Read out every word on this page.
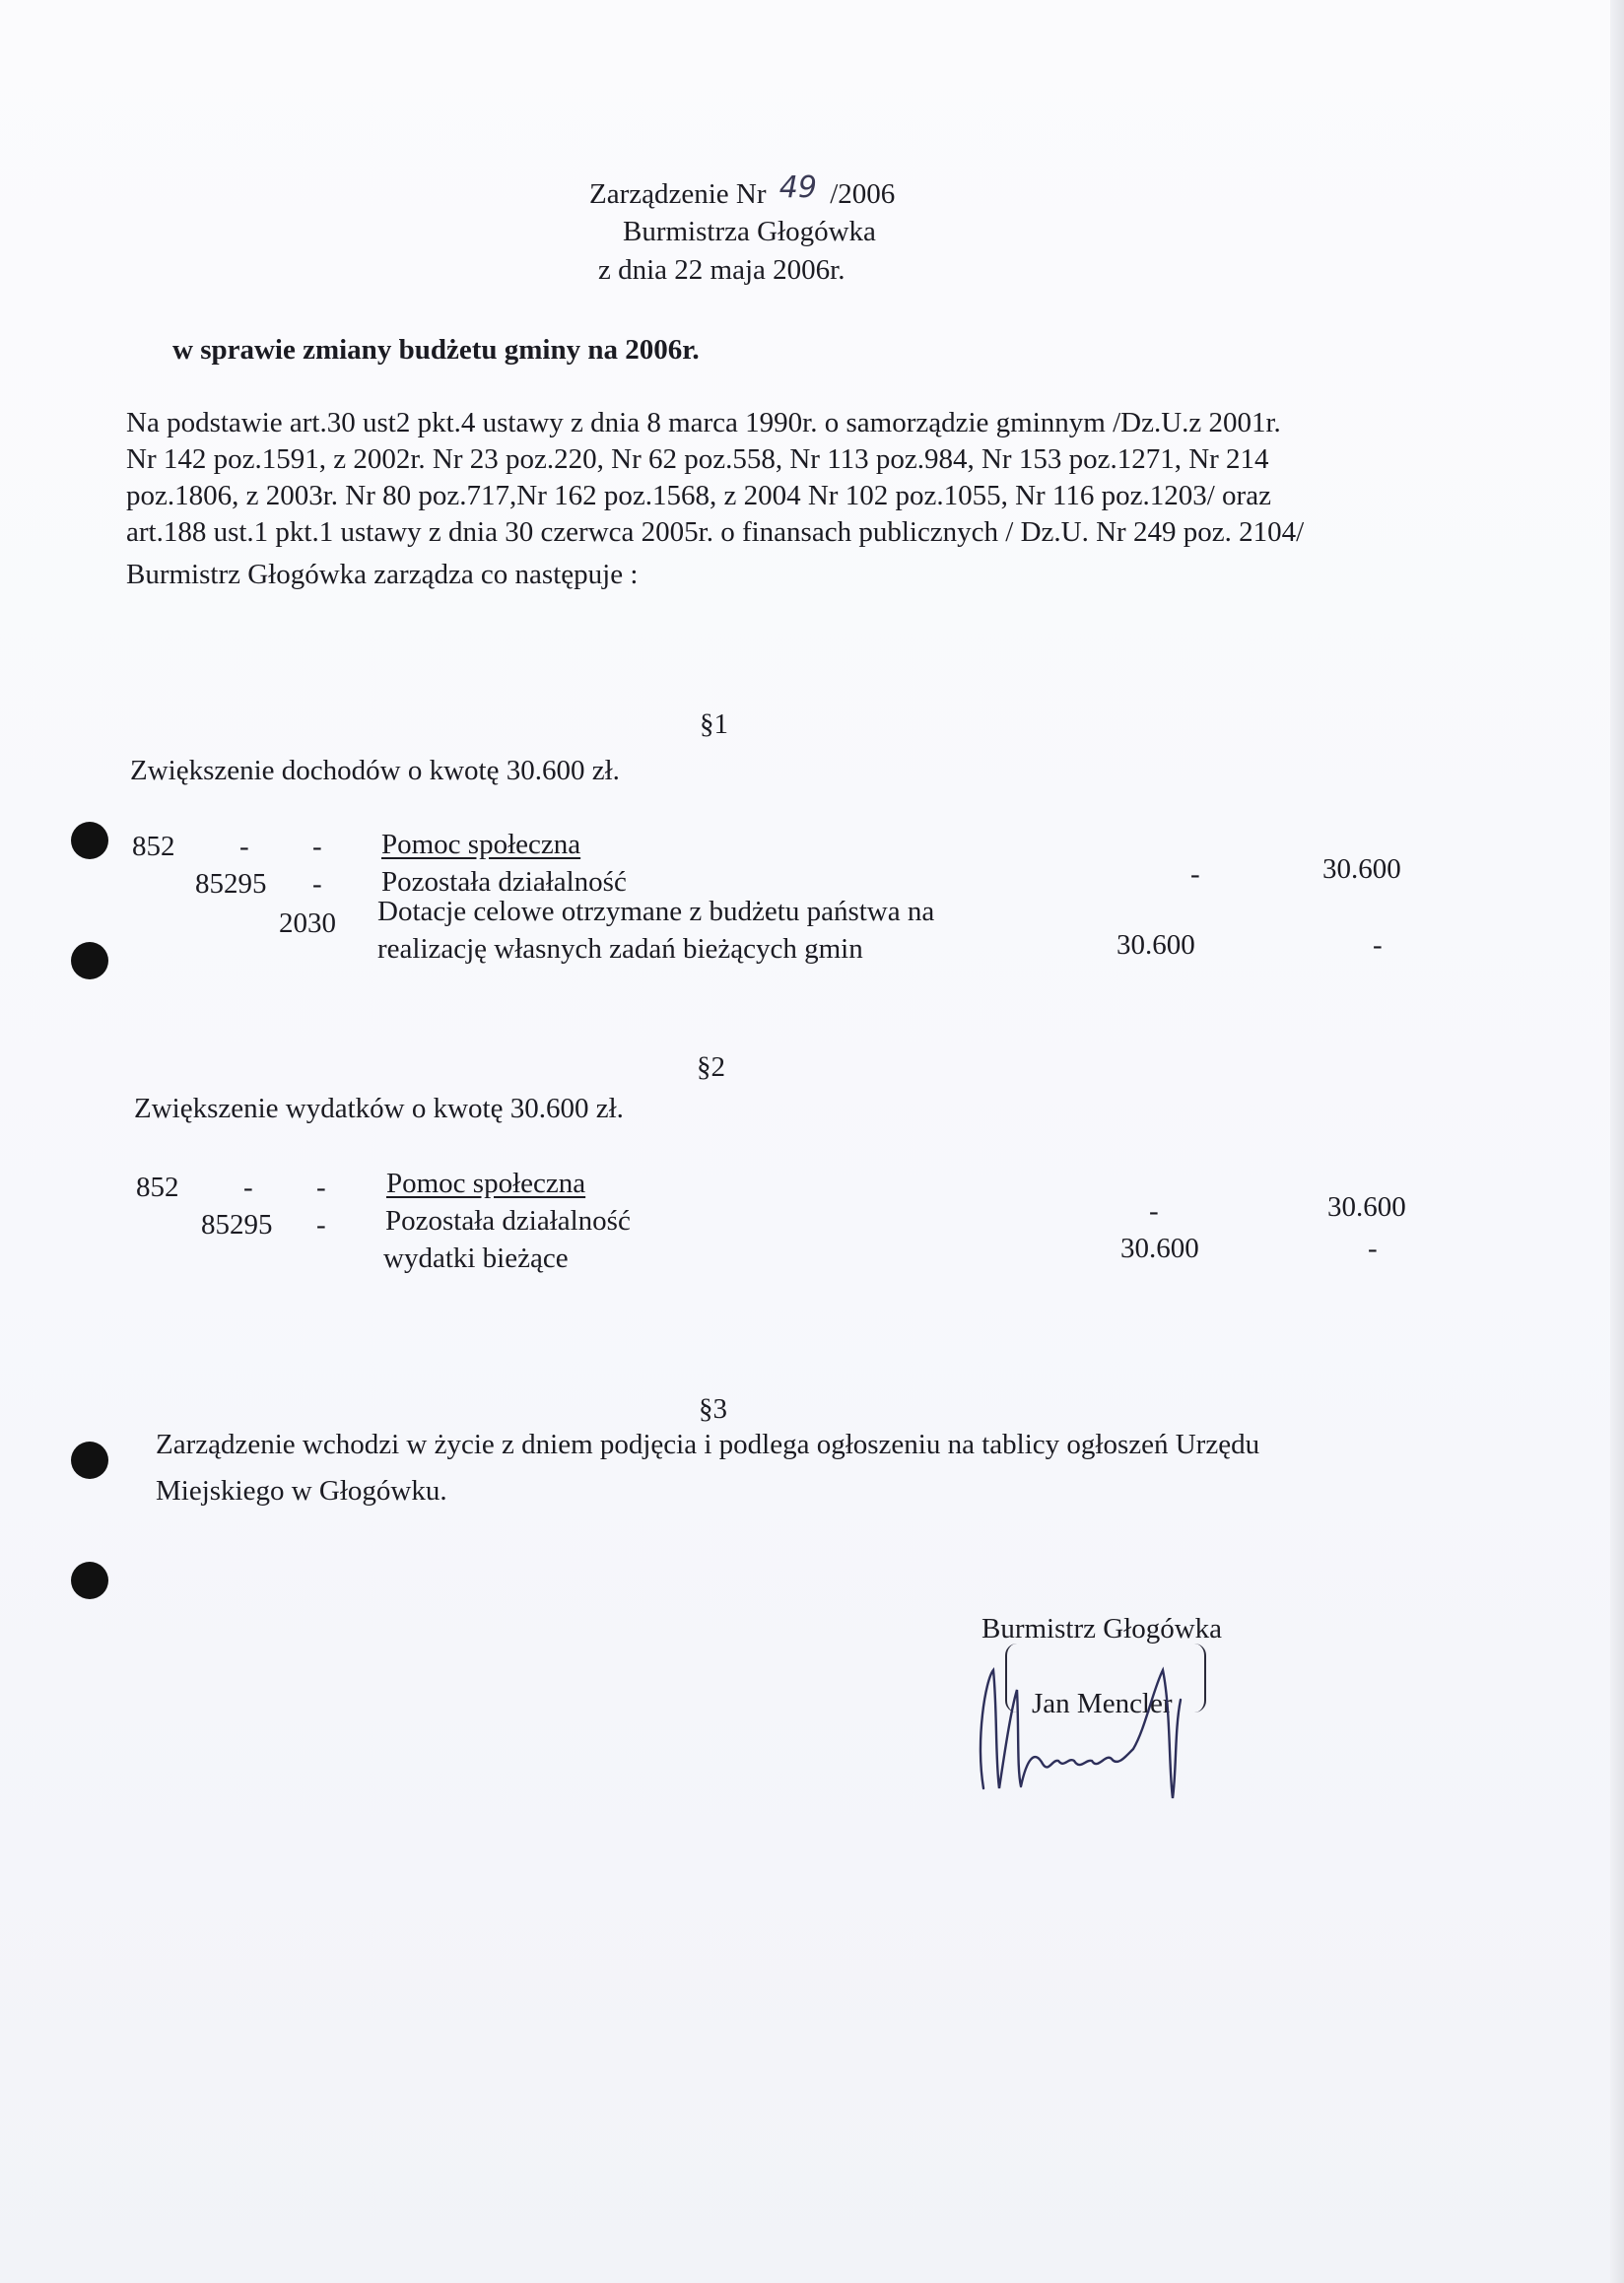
Zarządzenie Nr 49 /2006
Burmistrza Głogówka
z dnia 22 maja 2006r.
w sprawie zmiany budżetu gminy na 2006r.
Na podstawie art.30 ust2 pkt.4 ustawy z dnia 8 marca 1990r. o samorządzie gminnym /Dz.U.z 2001r.
Nr 142 poz.1591, z 2002r. Nr 23 poz.220, Nr 62 poz.558, Nr 113 poz.984, Nr 153 poz.1271, Nr 214
poz.1806, z 2003r. Nr 80 poz.717,Nr 162 poz.1568, z 2004 Nr 102 poz.1055, Nr 116 poz.1203/ oraz
art.188 ust.1 pkt.1 ustawy z dnia 30 czerwca 2005r. o finansach publicznych / Dz.U. Nr 249 poz. 2104/
Burmistrz Głogówka zarządza co następuje :
§1
Zwiększenie dochodów o kwotę 30.600 zł.
852 - - Pomoc społeczna
85295 - Pozostała działalność	-	30.600
2030 Dotacje celowe otrzymane z budżetu państwa na
realizację własnych zadań bieżących gmin	30.600	-
§2
Zwiększenie wydatków o kwotę 30.600 zł.
852 - - Pomoc społeczna
85295 - Pozostała działalność	-	30.600
wydatki bieżące	30.600	-
§3
Zarządzenie wchodzi w życie z dniem podjęcia i podlega ogłoszeniu na tablicy ogłoszeń Urzędu
Miejskiego w Głogówku.
Burmistrz Głogówka
Jan Mencler
